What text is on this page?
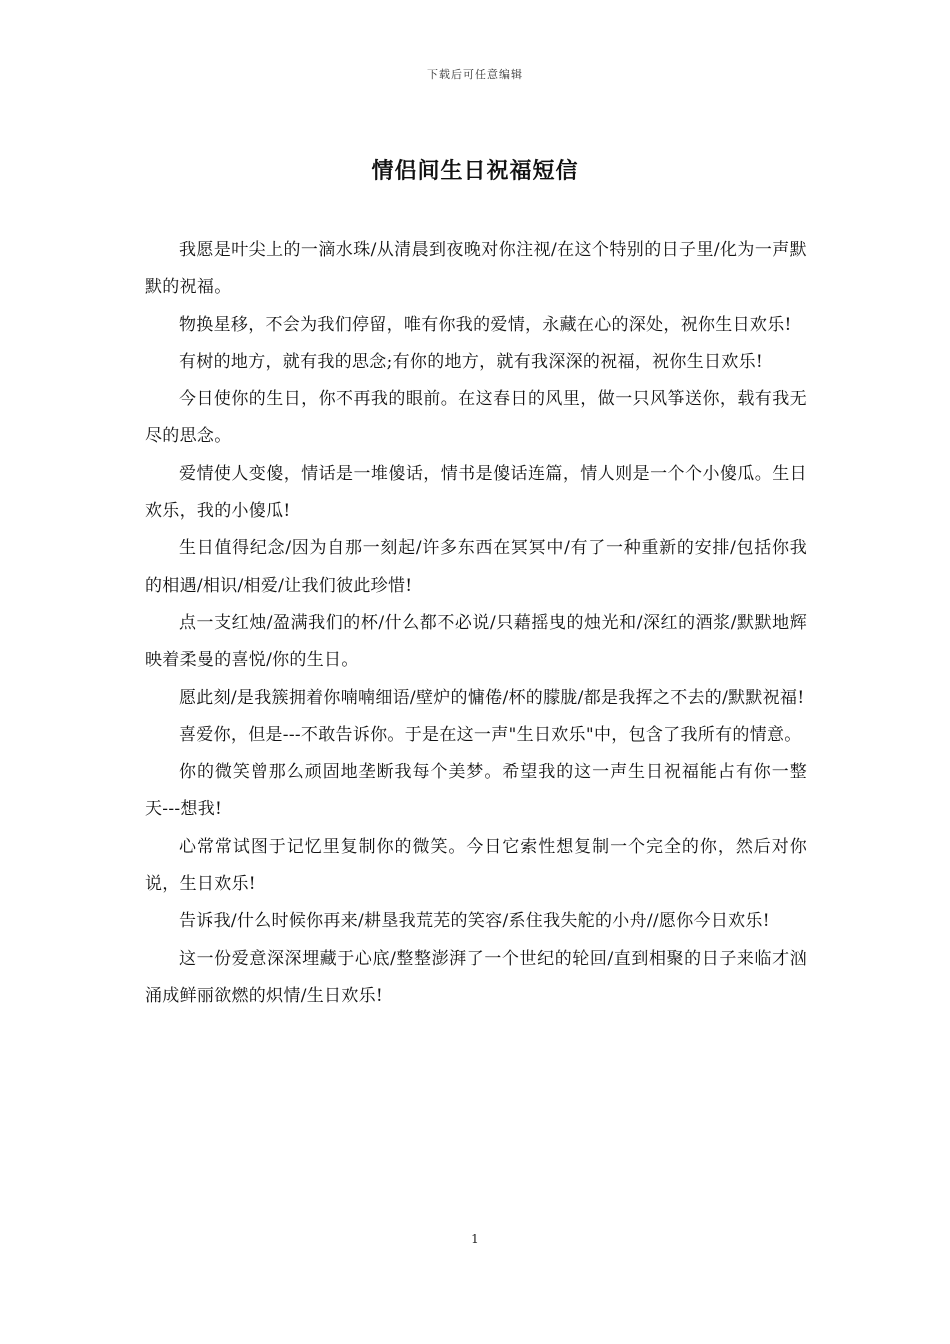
下载后可任意编辑
情侣间生日祝福短信

我愿是叶尖上的一滴水珠/从清晨到夜晚对你注视/在这个特别的日子里/化为一声默默的祝福。

物换星移，不会为我们停留，唯有你我的爱情，永藏在心的深处，祝你生日欢乐!

有树的地方，就有我的思念;有你的地方，就有我深深的祝福，祝你生日欢乐!

今日使你的生日，你不再我的眼前。在这春日的风里，做一只风筝送你，载有我无尽的思念。

爱情使人变傻，情话是一堆傻话，情书是傻话连篇，情人则是一个个小傻瓜。生日欢乐，我的小傻瓜!

生日值得纪念/因为自那一刻起/许多东西在冥冥中/有了一种重新的安排/包括你我的相遇/相识/相爱/让我们彼此珍惜!

点一支红烛/盈满我们的杯/什么都不必说/只藉摇曳的烛光和/深红的酒浆/默默地辉映着柔曼的喜悦/你的生日。

愿此刻/是我簇拥着你喃喃细语/壁炉的慵倦/杯的朦胧/都是我挥之不去的/默默祝福!

喜爱你，但是---不敢告诉你。于是在这一声"生日欢乐"中，包含了我所有的情意。

你的微笑曾那么顽固地垄断我每个美梦。希望我的这一声生日祝福能占有你一整天---想我!

心常常试图于记忆里复制你的微笑。今日它索性想复制一个完全的你，然后对你说，生日欢乐!

告诉我/什么时候你再来/耕垦我荒芜的笑容/系住我失舵的小舟//愿你今日欢乐!

这一份爱意深深埋藏于心底/整整澎湃了一个世纪的轮回/直到相聚的日子来临才汹涌成鲜丽欲燃的炽情/生日欢乐!

1
